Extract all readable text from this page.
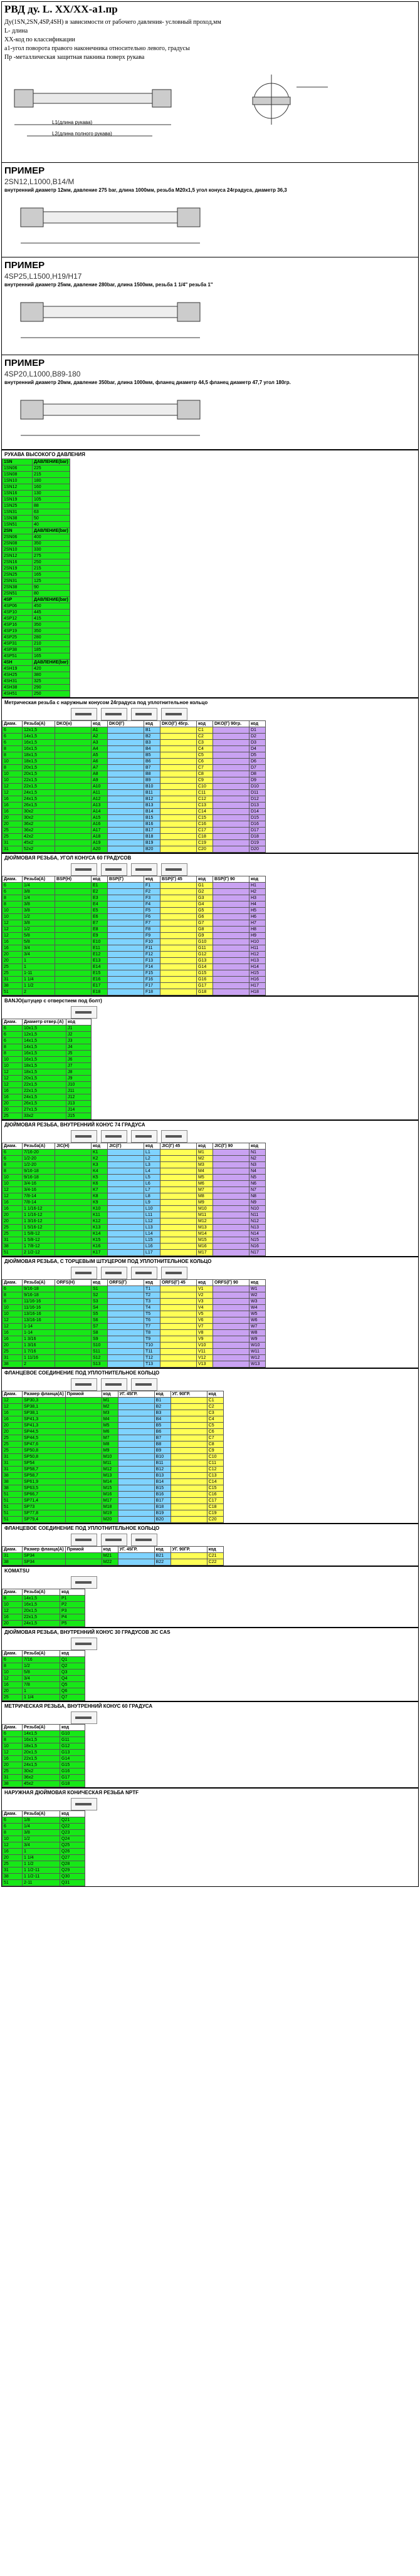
РВД ду. L. XX/XX-a1.пр
Ду(1SN,2SN,4SP,4SH) в зависимости от рабочего давления- условный проход,мм
L- длина
XX-код по классификации
a1-угол поворота правого наконечника относительно левого, градусы
Пр -металлическая защитная пакника поверх рукава
L1(длина рукава)
L2(длина полного рукава)
ПРИМЕР
2SN12,L1000,B14/M
внутренний диаметр 12мм, давление 275 bar, длина 1000мм, резьба M20x1,5 угол конуса 24градуса, диаметр 36,3
ПРИМЕР
4SP25,L1500,H19/H17
внутренний диаметр 25мм, давление 280bar, длина 1500мм, резьба 1 1/4" резьба 1"
ПРИМЕР
4SP20,L1000,B89-180
внутренний диаметр 20мм, давление 350bar, длина 1000мм, фланец диаметр 44,5 фланец диаметр 47,7 угол 180гр.
РУКАВА ВЫСОКОГО ДАВЛЕНИЯ
1SN	ДАВЛЕНИЕ(bar)
1SN06	225
1SN08	215
1SN10	180
1SN12	160
1SN16	130
1SN19	105
1SN25	88
1SN31	63
1SN38	50
1SN51	40
2SN	ДАВЛЕНИЕ(bar)
2SN06	400
2SN08	350
2SN10	330
2SN12	275
2SN16	250
2SN19	215
2SN25	165
2SN31	125
2SN38	90
2SN51	80
4SP	ДАВЛЕНИЕ(bar)
4SP06	450
4SP10	445
4SP12	415
4SP16	350
4SP19	350
4SP25	280
4SP31	210
4SP38	185
4SP51	165
4SH	ДАВЛЕНИЕ(bar)
4SH19	420
4SH25	380
4SH31	325
4SH38	290
4SH51	250
Метрическая резьба с наружным конусом 24градуса под уплотнительное кольцо
Диам.	Резьба(А)	DKO(н)	код	DKO(Г)	код	DKO(Г) 45гр.	код	DKO(Г) 90гр.	код
6	12x1,5		A1		B1		C1		D1
6	14x1,5		A2		B2		C2		D2
6	16x1,5		A3		B3		C3		D3
8	16x1,5		A4		B4		C4		D4
8	18x1,5		A5		B5		C5		D5
10	18x1,5		A6		B6		C6		D6
8	20x1,5		A7		B7		C7		D7
10	20x1,5		A8		B8		C8		D8
10	22x1,5		A9		B9		C9		D9
12	22x1,5		A10		B10		C10		D10
12	24x1,5		A11		B11		C11		D11
16	24x1,5		A12		B12		C12		D12
16	26x1,5		A13		B13		C13		D13
16	30x2		A14		B14		C14		D14
20	30x2		A15		B15		C15		D15
20	36x2		A16		B16		C16		D16
25	36x2		A17		B17		C17		D17
25	42x2		A18		B18		C18		D18
31	45x2		A19		B19		C19		D19
31	52x2		A20		B20		C20		D20
ДЮЙМОВАЯ РЕЗЬБА, УГОЛ КОНУСА 60 ГРАДУСОВ
Диам.	Резьба(А)	BSP(Н)	код	BSP(Г)	код	BSP(Г) 45	код	BSP(Г) 90	код
6	1/4		E1		F1		G1		H1
6	3/8		E2		F2		G2		H2
8	1/4		E3		F3		G3		H3
8	3/8		E4		F4		G4		H4
10	3/8		E5		F5		G5		H5
10	1/2		E6		F6		G6		H6
12	3/8		E7		F7		G7		H7
12	1/2		E8		F8		G8		H8
12	5/8		E9		F9		G9		H9
16	5/8		E10		F10		G10		H10
16	3/4		E11		F11		G11		H11
20	3/4		E12		F12		G12		H12
20	1		E13		F13		G13		H13
25	1		E14		F14		G14		H14
25	1-11		E15		F15		G15		H15
31	1 1/4		E16		F16		G16		H16
38	1 1/2		E17		F17		G17		H17
51	2		E18		F18		G18		H18
BANJO(штуцер с отверстием под болт)
Диам.	Диаметр отвер.(А)	код
6	10x1,5	J1
6	12x1,5	J2
6	14x1,5	J3
8	14x1,5	J4
8	16x1,5	J5
10	16x1,5	J6
10	18x1,5	J7
12	18x1,5	J8
12	20x1,5	J9
12	22x1,5	J10
16	22x1,5	J11
16	24x1,5	J12
20	26x1,5	J13
20	27x1,5	J14
25	33x2	J15
ДЮЙМОВАЯ РЕЗЬБА, ВНУТРЕННИЙ КОНУС 74 ГРАДУСА
Диам.	Резьба(А)	JIC(Н)	код	JIC(Г)	код	JIC(Г) 45	код	JIC(Г) 90	код
6	7/16-20		K1		L1		M1		N1
6	1/2-20		K2		L2		M2		N2
8	1/2-20		K3		L3		M3		N3
8	9/16-18		K4		L4		M4		N4
10	9/16-18		K5		L5		M5		N5
10	3/4-16		K6		L6		M6		N6
12	3/4-16		K7		L7		M7		N7
12	7/8-14		K8		L8		M8		N8
16	7/8-14		K9		L9		M9		N9
16	1 1/16-12		K10		L10		M10		N10
20	1 1/16-12		K11		L11		M11		N11
20	1 3/16-12		K12		L12		M12		N12
25	1 5/16-12		K13		L13		M13		N13
25	1 5/8-12		K14		L14		M14		N14
31	1 5/8-12		K15		L15		M15		N15
38	1 7/8-12		K16		L16		M16		N16
51	2 1/2-12		K17		L17		M17		N17
ДЮЙМОВАЯ РЕЗЬБА, С ТОРЦЕВЫМ ШТУЦЕРОМ ПОД УПЛОТНИТЕЛЬНОЕ КОЛЬЦО
Диам.	Резьба(А)	ORFS(Н)	код	ORFS(Г)	код	ORFS(Г) 45	код	ORFS(Г) 90	код
6	9/16-18		S1		T1		V1		W1
8	9/16-18		S2		T2		V2		W2
8	11/16-16		S3		T3		V3		W3
10	11/16-16		S4		T4		V4		W4
10	13/16-16		S5		T5		V5		W5
12	13/16-16		S6		T6		V6		W6
12	1-14		S7		T7		V7		W7
16	1-14		S8		T8		V8		W8
16	1 3/16		S9		T9		V9		W9
20	1 3/16		S10		T10		V10		W10
25	1 7/16		S11		T11		V11		W11
31	1 11/16		S12		T12		V12		W12
38	2		S13		T13		V13		W13
ФЛАНЦЕВОЕ СОЕДИНЕНИЕ ПОД УПЛОТНИТЕЛЬНОЕ КОЛЬЦО
Диам.	Размер фланца(А)	Прямой	код	УГ. 45ГР.	код	УГ. 90ГР.	код
12	SP30,3		M1		B1		C1
12	SP38,1		M2		B2		C2
16	SP38,1		M3		B3		C3
16	SP41,3		M4		B4		C4
20	SP41,3		M5		B5		C5
20	SP44,5		M6		B6		C6
25	SP44,5		M7		B7		C7
25	SP47,6		M8		B8		C8
25	SP50,8		M9		B9		C9
31	SP50,8		M10		B10		C10
31	SP54		M11		B11		C11
31	SP58,7		M12		B12		C12
38	SP58,7		M13		B13		C13
38	SP61,9		M14		B14		C14
38	SP63,5		M15		B15		C15
51	SP66,7		M16		B16		C16
51	SP71,4		M17		B17		C17
51	SP73		M18		B18		C18
51	SP77,8		M19		B19		C19
51	SP79,4		M20		B20		C20
ФЛАНЦЕВОЕ СОЕДИНЕНИЕ ПОД УПЛОТНИТЕЛЬНОЕ КОЛЬЦО
Диам.	Размер фланца(А)	Прямой	код	УГ. 45ГР.	код	УГ. 90ГР.	код
31	SP34		M21		B21		C21
38	SP34		M22		B22		C22
KOMATSU
Диам.	Резьба(А)	код
8	14x1,5	P1
10	16x1,5	P2
12	20x1,5	P3
16	22x1,5	P4
20	24x1,5	P5
ДЮЙМОВАЯ РЕЗЬБА, ВНУТРЕННИЙ КОНУС 30 ГРАДУСОВ JIC CAS
Диам.	Резьба(А)	код
6	7/16	Q1
8	1/2	Q2
10	5/8	Q3
12	3/4	Q4
16	7/8	Q5
20	1	Q6
25	1 1/4	Q7
МЕТРИЧЕСКАЯ РЕЗЬБА, ВНУТРЕННИЙ КОНУС 60 ГРАДУСА
Диам.	Резьба(А)	код
6	14x1,5	G10
8	16x1,5	G11
10	18x1,5	G12
12	20x1,5	G13
16	22x1,5	G14
20	24x1,5	G15
25	30x2	G16
31	36x2	G17
38	45x2	G18
НАРУЖНАЯ ДЮЙМОВАЯ КОНИЧЕСКАЯ РЕЗЬБА NPTF
Диам.	Резьба(А)	код
6	1/8	Q21
6	1/4	Q22
8	3/8	Q23
10	1/2	Q24
12	3/4	Q25
16	1	Q26
20	1 1/4	Q27
25	1 1/2	Q28
31	1 1/2-11	Q29
38	1 1/2-11	Q30
51	2-11	Q31
